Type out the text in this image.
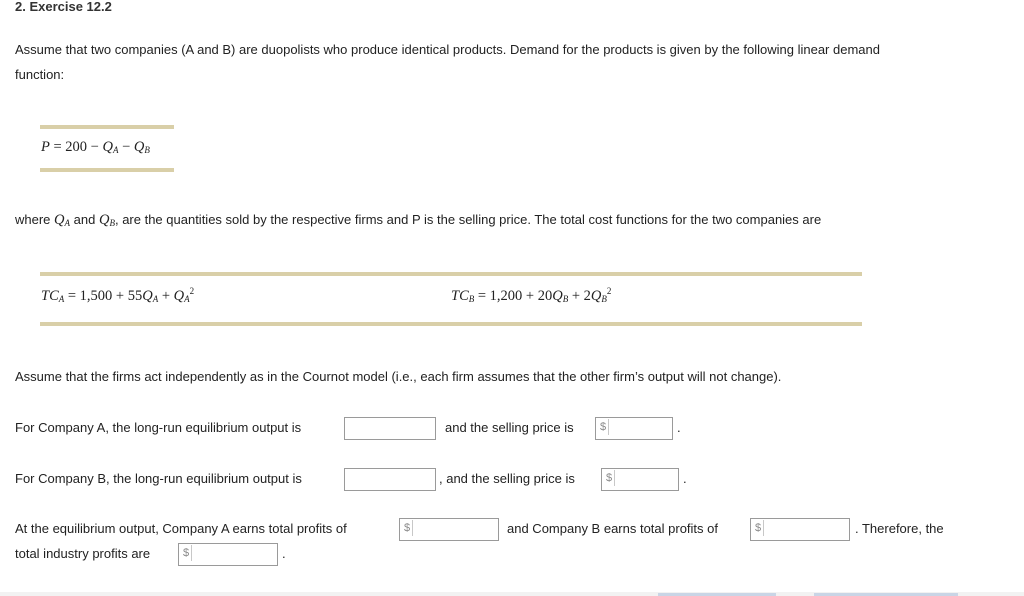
2. Exercise 12.2
Assume that two companies (A and B) are duopolists who produce identical products. Demand for the products is given by the following linear demand
function:
$P = 200 - Q_A - Q_B$
where $Q_A$ and $Q_B$, are the quantities sold by the respective firms and P is the selling price. The total cost functions for the two companies are
$TC_A = 1,500 + 55Q_A + Q_A^2$	$TC_B = 1,200 + 20Q_B + 2Q_B^2$
Assume that the firms act independently as in the Cournot model (i.e., each firm assumes that the other firm’s output will not change).
For Company A, the long-run equilibrium output is	and the selling price is $	.
For Company B, the long-run equilibrium output is	, and the selling price is	$	.
At the equilibrium output, Company A earns total profits of	$	and Company B earns total profits of	$	. Therefore, the
total industry profits are	$	.
